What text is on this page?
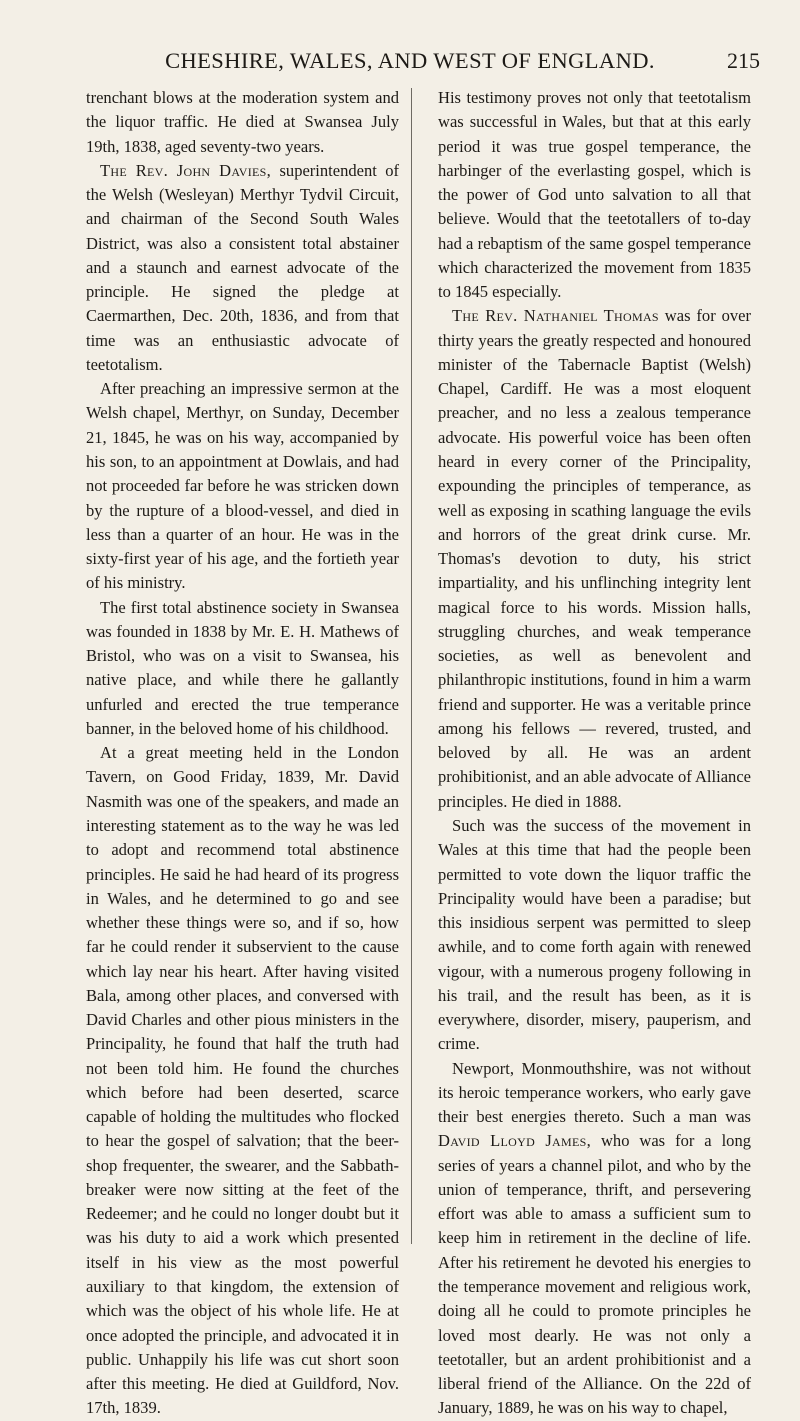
CHESHIRE, WALES, AND WEST OF ENGLAND.	215

trenchant blows at the moderation system and the liquor traffic. He died at Swansea July 19th, 1838, aged seventy-two years.

The Rev. John Davies, superintendent of the Welsh (Wesleyan) Merthyr Tydvil Circuit, and chairman of the Second South Wales District, was also a consistent total abstainer and a staunch and earnest advocate of the principle. He signed the pledge at Caermarthen, Dec. 20th, 1836, and from that time was an enthusiastic advocate of teetotalism.

After preaching an impressive sermon at the Welsh chapel, Merthyr, on Sunday, December 21, 1845, he was on his way, accompanied by his son, to an appointment at Dowlais, and had not proceeded far before he was stricken down by the rupture of a blood-vessel, and died in less than a quarter of an hour. He was in the sixty-first year of his age, and the fortieth year of his ministry.

The first total abstinence society in Swansea was founded in 1838 by Mr. E. H. Mathews of Bristol, who was on a visit to Swansea, his native place, and while there he gallantly unfurled and erected the true temperance banner, in the beloved home of his childhood.

At a great meeting held in the London Tavern, on Good Friday, 1839, Mr. David Nasmith was one of the speakers, and made an interesting statement as to the way he was led to adopt and recommend total abstinence principles. He said he had heard of its progress in Wales, and he determined to go and see whether these things were so, and if so, how far he could render it subservient to the cause which lay near his heart. After having visited Bala, among other places, and conversed with David Charles and other pious ministers in the Principality, he found that half the truth had not been told him. He found the churches which before had been deserted, scarce capable of holding the multitudes who flocked to hear the gospel of salvation; that the beer-shop frequenter, the swearer, and the Sabbath-breaker were now sitting at the feet of the Redeemer; and he could no longer doubt but it was his duty to aid a work which presented itself in his view as the most powerful auxiliary to that kingdom, the extension of which was the object of his whole life. He at once adopted the principle, and advocated it in public. Unhappily his life was cut short soon after this meeting. He died at Guildford, Nov. 17th, 1839.

His testimony proves not only that teetotalism was successful in Wales, but that at this early period it was true gospel temperance, the harbinger of the everlasting gospel, which is the power of God unto salvation to all that believe. Would that the teetotallers of to-day had a rebaptism of the same gospel temperance which characterized the movement from 1835 to 1845 especially.

The Rev. Nathaniel Thomas was for over thirty years the greatly respected and honoured minister of the Tabernacle Baptist (Welsh) Chapel, Cardiff. He was a most eloquent preacher, and no less a zealous temperance advocate. His powerful voice has been often heard in every corner of the Principality, expounding the principles of temperance, as well as exposing in scathing language the evils and horrors of the great drink curse. Mr. Thomas's devotion to duty, his strict impartiality, and his unflinching integrity lent magical force to his words. Mission halls, struggling churches, and weak temperance societies, as well as benevolent and philanthropic institutions, found in him a warm friend and supporter. He was a veritable prince among his fellows — revered, trusted, and beloved by all. He was an ardent prohibitionist, and an able advocate of Alliance principles. He died in 1888.

Such was the success of the movement in Wales at this time that had the people been permitted to vote down the liquor traffic the Principality would have been a paradise; but this insidious serpent was permitted to sleep awhile, and to come forth again with renewed vigour, with a numerous progeny following in his trail, and the result has been, as it is everywhere, disorder, misery, pauperism, and crime.

Newport, Monmouthshire, was not without its heroic temperance workers, who early gave their best energies thereto. Such a man was David Lloyd James, who was for a long series of years a channel pilot, and who by the union of temperance, thrift, and persevering effort was able to amass a sufficient sum to keep him in retirement in the decline of life. After his retirement he devoted his energies to the temperance movement and religious work, doing all he could to promote principles he loved most dearly. He was not only a teetotaller, but an ardent prohibitionist and a liberal friend of the Alliance. On the 22d of January, 1889, he was on his way to chapel,
